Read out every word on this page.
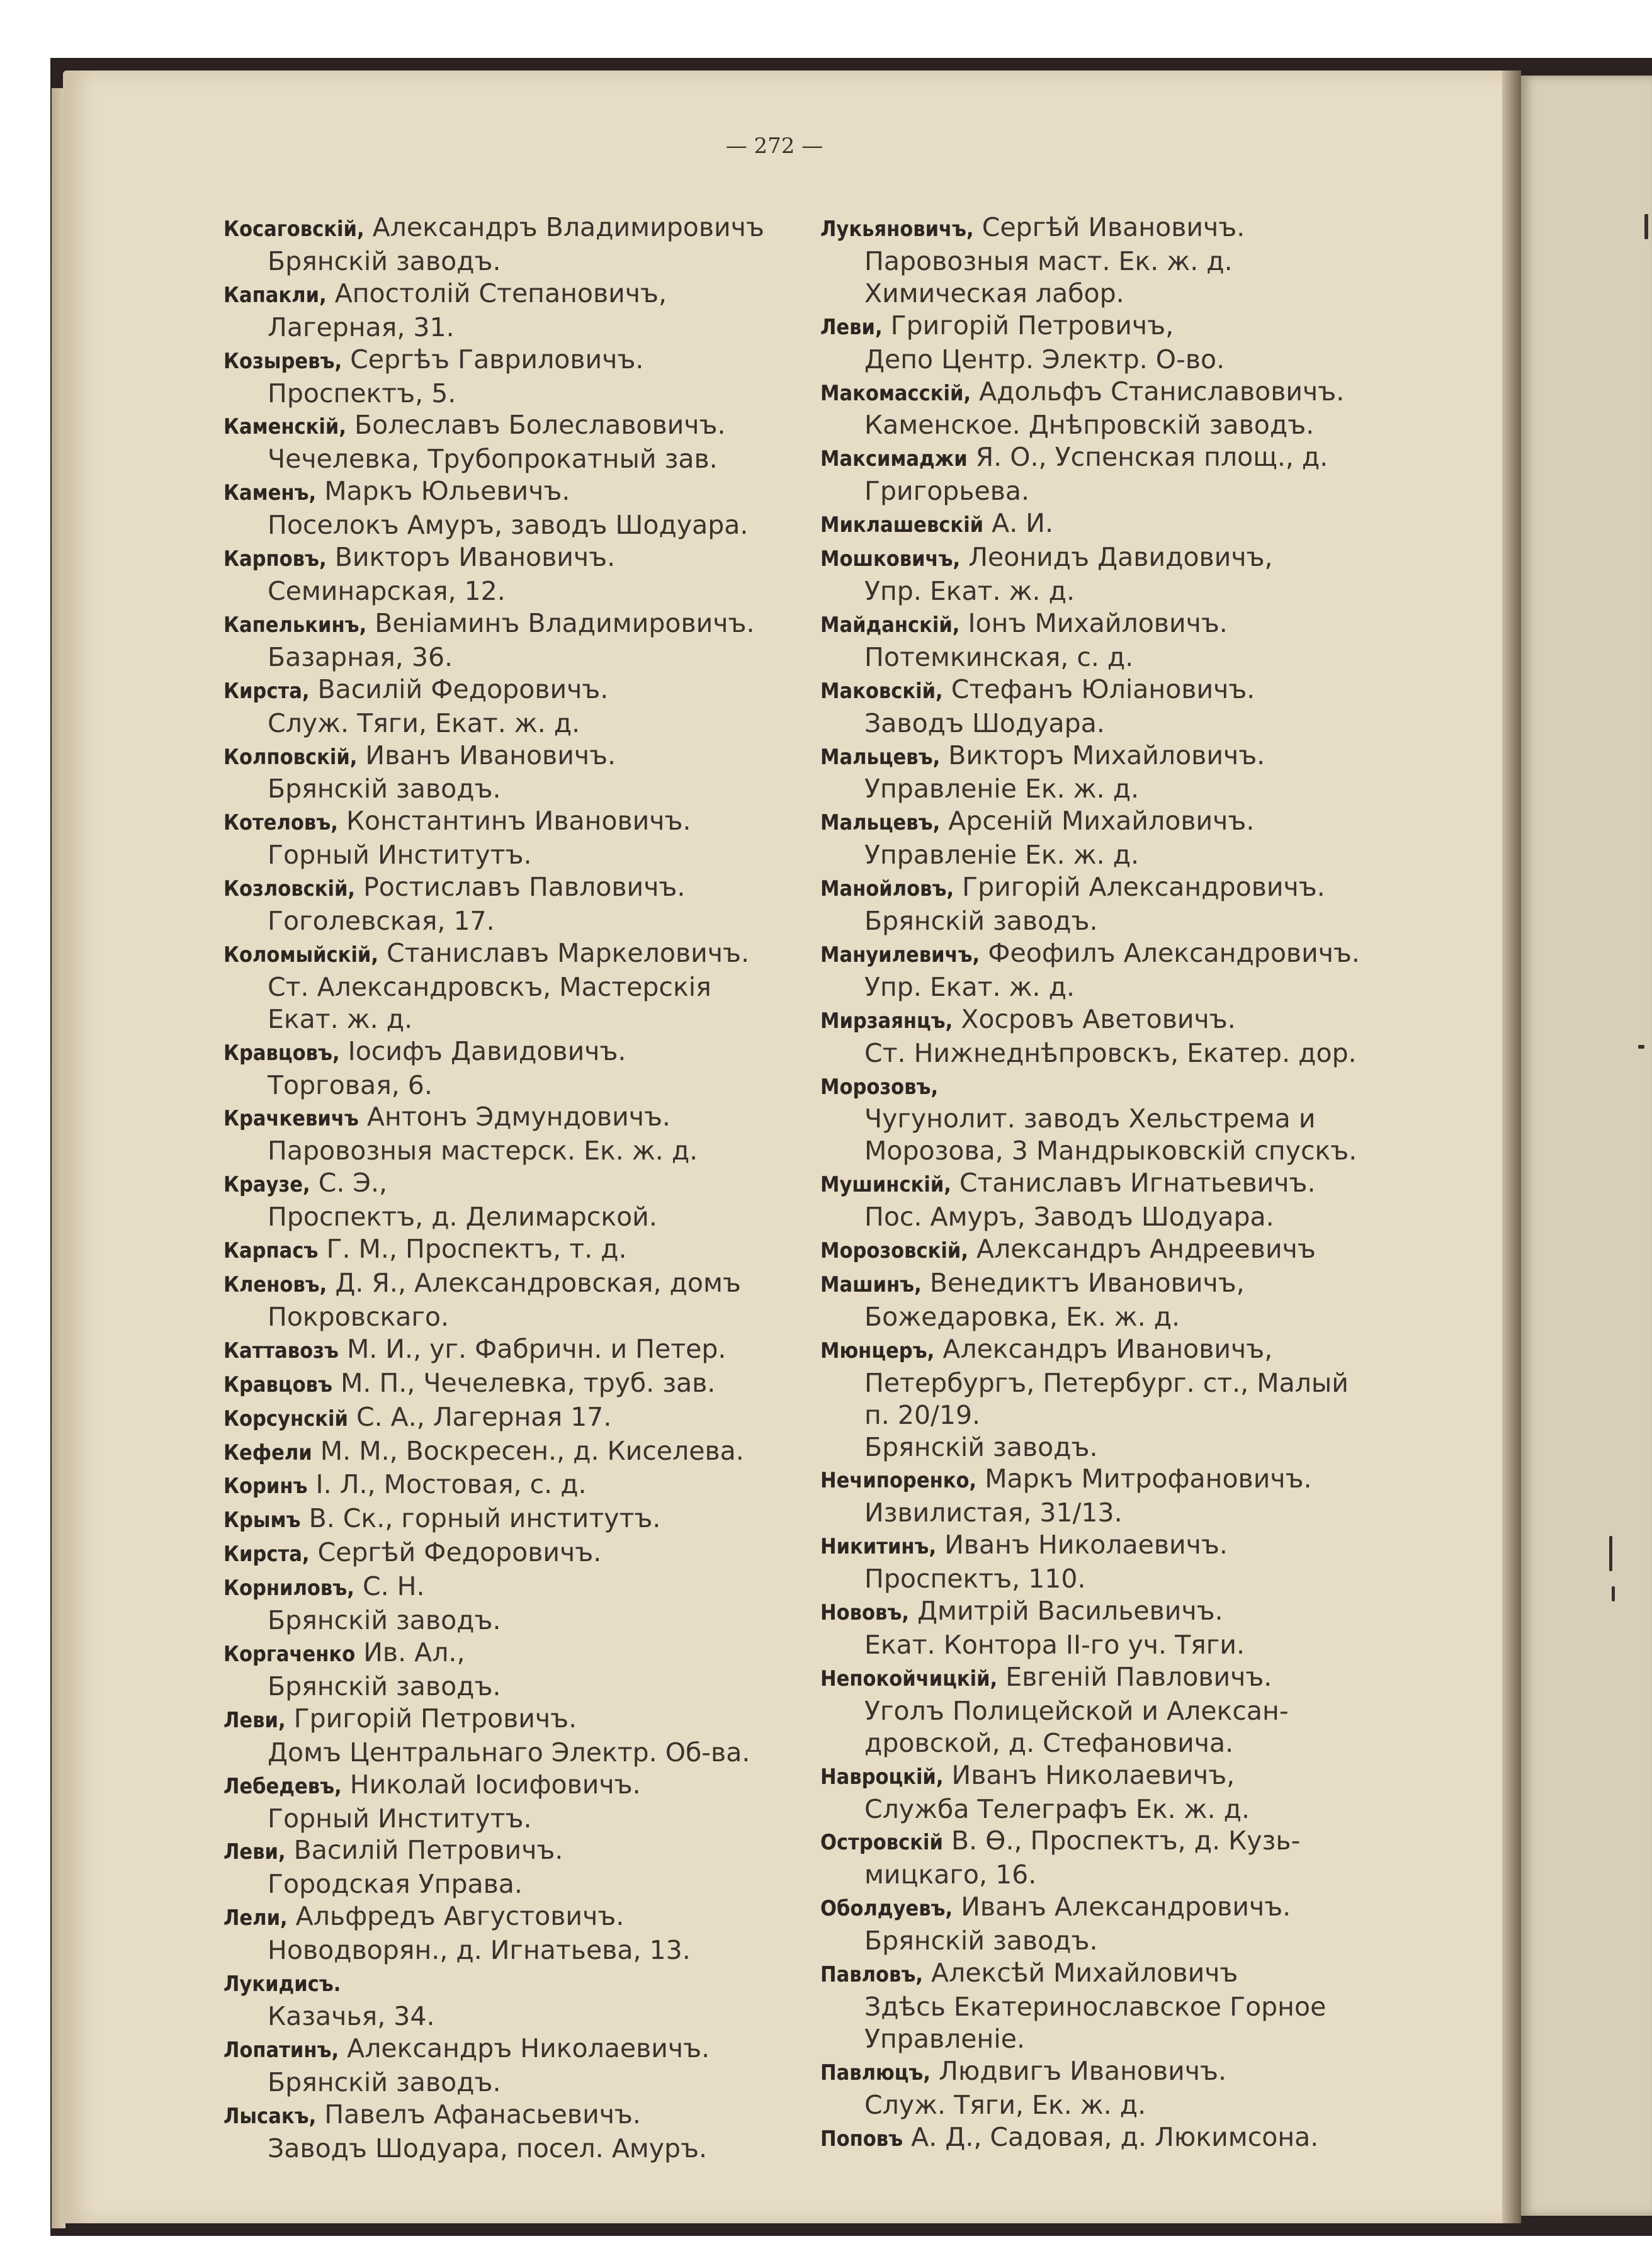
— 272 —
Косаговскій, Александръ Владимировичъ
Брянскій заводъ.
Капакли, Апостолій Степановичъ,
Лагерная, 31.
Козыревъ, Сергѣъ Гавриловичъ.
Проспектъ, 5.
Каменскій, Болеславъ Болеславовичъ.
Чечелевка, Трубопрокатный зав.
Каменъ, Маркъ Юльевичъ.
Поселокъ Амуръ, заводъ Шодуара.
Карповъ, Викторъ Ивановичъ.
Семинарская, 12.
Капелькинъ, Веніаминъ Владимировичъ.
Базарная, 36.
Кирста, Василій Федоровичъ.
Служ. Тяги, Екат. ж. д.
Колповскій, Иванъ Ивановичъ.
Брянскій заводъ.
Котеловъ, Константинъ Ивановичъ.
Горный Институтъ.
Козловскій, Ростиславъ Павловичъ.
Гоголевская, 17.
Коломыйскій, Станиславъ Маркеловичъ.
Ст. Александровскъ, Мастерскія
Екат. ж. д.
Кравцовъ, Іосифъ Давидовичъ.
Торговая, 6.
Крачкевичъ Антонъ Эдмундовичъ.
Паровозныя мастерск. Ек. ж. д.
Краузе, С. Э.,
Проспектъ, д. Делимарской.
Карпасъ Г. М., Проспектъ, т. д.
Кленовъ, Д. Я., Александровская, домъ
Покровскаго.
Каттавозъ М. И., уг. Фабричн. и Петер.
Кравцовъ М. П., Чечелевка, труб. зав.
Корсунскій С. А., Лагерная 17.
Кефели М. М., Воскресен., д. Киселева.
Коринъ І. Л., Мостовая, с. д.
Крымъ В. Ск., горный институтъ.
Кирста, Сергѣй Федоровичъ.
Корниловъ, С. Н.
Брянскій заводъ.
Коргаченко Ив. Ал.,
Брянскій заводъ.
Леви, Григорій Петровичъ.
Домъ Центральнаго Электр. Об-ва.
Лебедевъ, Николай Іосифовичъ.
Горный Институтъ.
Леви, Василій Петровичъ.
Городская Управа.
Лели, Альфредъ Августовичъ.
Новодворян., д. Игнатьева, 13.
Лукидисъ.
Казачья, 34.
Лопатинъ, Александръ Николаевичъ.
Брянскій заводъ.
Лысакъ, Павелъ Афанасьевичъ.
Заводъ Шодуара, посел. Амуръ.
Лукьяновичъ, Сергѣй Ивановичъ.
Паровозныя маст. Ек. ж. д.
Химическая лабор.
Леви, Григорій Петровичъ,
Депо Центр. Электр. О-во.
Макомасскій, Адольфъ Станиславовичъ.
Каменское. Днѣпровскій заводъ.
Максимаджи Я. О., Успенская площ., д.
Григорьева.
Миклашевскій А. И.
Мошковичъ, Леонидъ Давидовичъ,
Упр. Екат. ж. д.
Майданскій, Іонъ Михайловичъ.
Потемкинская, с. д.
Маковскій, Стефанъ Юліановичъ.
Заводъ Шодуара.
Мальцевъ, Викторъ Михайловичъ.
Управленіе Ек. ж. д.
Мальцевъ, Арсеній Михайловичъ.
Управленіе Ек. ж. д.
Манойловъ, Григорій Александровичъ.
Брянскій заводъ.
Мануилевичъ, Феофилъ Александровичъ.
Упр. Екат. ж. д.
Мирзаянцъ, Хосровъ Аветовичъ.
Ст. Нижнеднѣпровскъ, Екатер. дор.
Морозовъ,
Чугунолит. заводъ Хельстрема и
Морозова, 3 Мандрыковскій спускъ.
Мушинскій, Станиславъ Игнатьевичъ.
Пос. Амуръ, Заводъ Шодуара.
Морозовскій, Александръ Андреевичъ
Машинъ, Венедиктъ Ивановичъ,
Божедаровка, Ек. ж. д.
Мюнцеръ, Александръ Ивановичъ,
Петербургъ, Петербург. ст., Малый
п. 20/19.
Брянскій заводъ.
Нечипоренко, Маркъ Митрофановичъ.
Извилистая, 31/13.
Никитинъ, Иванъ Николаевичъ.
Проспектъ, 110.
Нововъ, Дмитрій Васильевичъ.
Екат. Контора ІІ-го уч. Тяги.
Непокойчицкій, Евгеній Павловичъ.
Уголъ Полицейской и Алексан-
дровской, д. Стефановича.
Навроцкій, Иванъ Николаевичъ,
Служба Телеграфъ Ек. ж. д.
Островскій В. Ѳ., Проспектъ, д. Кузь-
мицкаго, 16.
Оболдуевъ, Иванъ Александровичъ.
Брянскій заводъ.
Павловъ, Алексѣй Михайловичъ
Здѣсь Екатеринославское Горное
Управленіе.
Павлюцъ, Людвигъ Ивановичъ.
Служ. Тяги, Ек. ж. д.
Поповъ А. Д., Садовая, д. Люкимсона.
